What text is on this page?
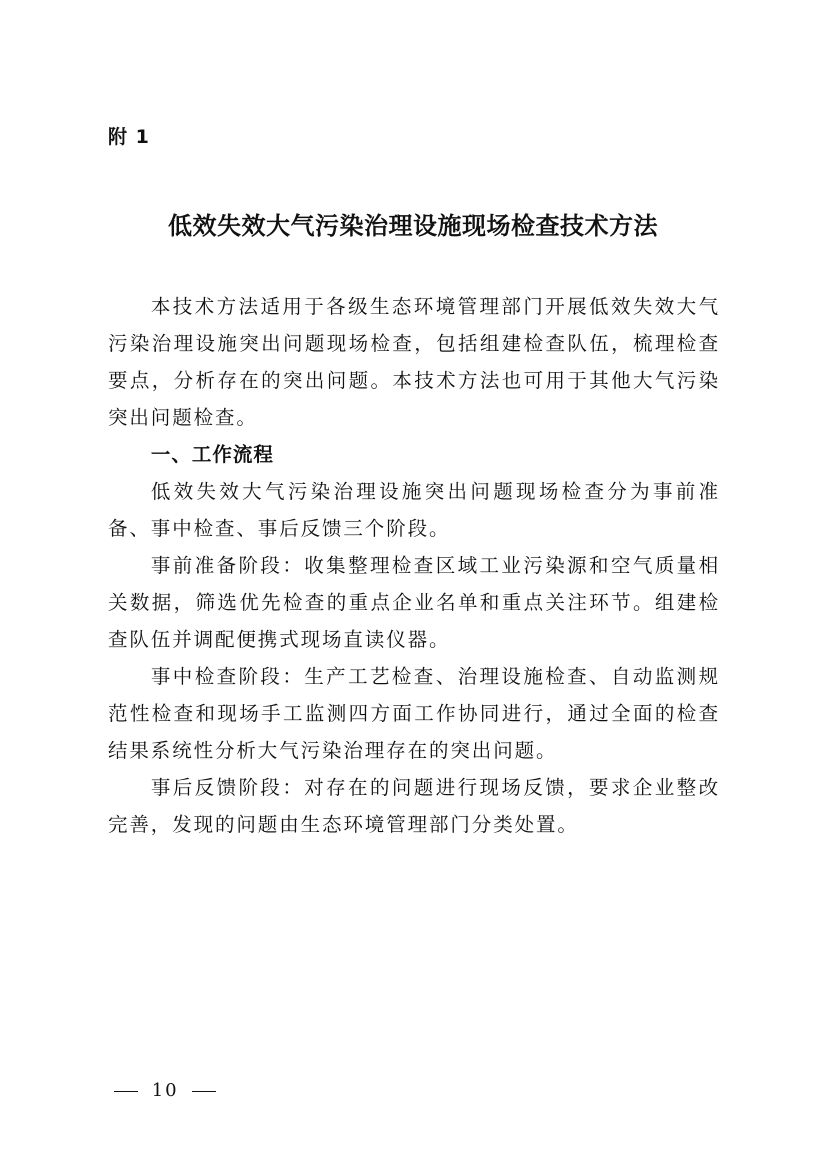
附 1
低效失效大气污染治理设施现场检查技术方法

本技术方法适用于各级生态环境管理部门开展低效失效大气污染治理设施突出问题现场检查，包括组建检查队伍，梳理检查要点，分析存在的突出问题。本技术方法也可用于其他大气污染突出问题检查。

一、工作流程

低效失效大气污染治理设施突出问题现场检查分为事前准备、事中检查、事后反馈三个阶段。

事前准备阶段：收集整理检查区域工业污染源和空气质量相关数据，筛选优先检查的重点企业名单和重点关注环节。组建检查队伍并调配便携式现场直读仪器。

事中检查阶段：生产工艺检查、治理设施检查、自动监测规范性检查和现场手工监测四方面工作协同进行，通过全面的检查结果系统性分析大气污染治理存在的突出问题。

事后反馈阶段：对存在的问题进行现场反馈，要求企业整改完善，发现的问题由生态环境管理部门分类处置。

10
